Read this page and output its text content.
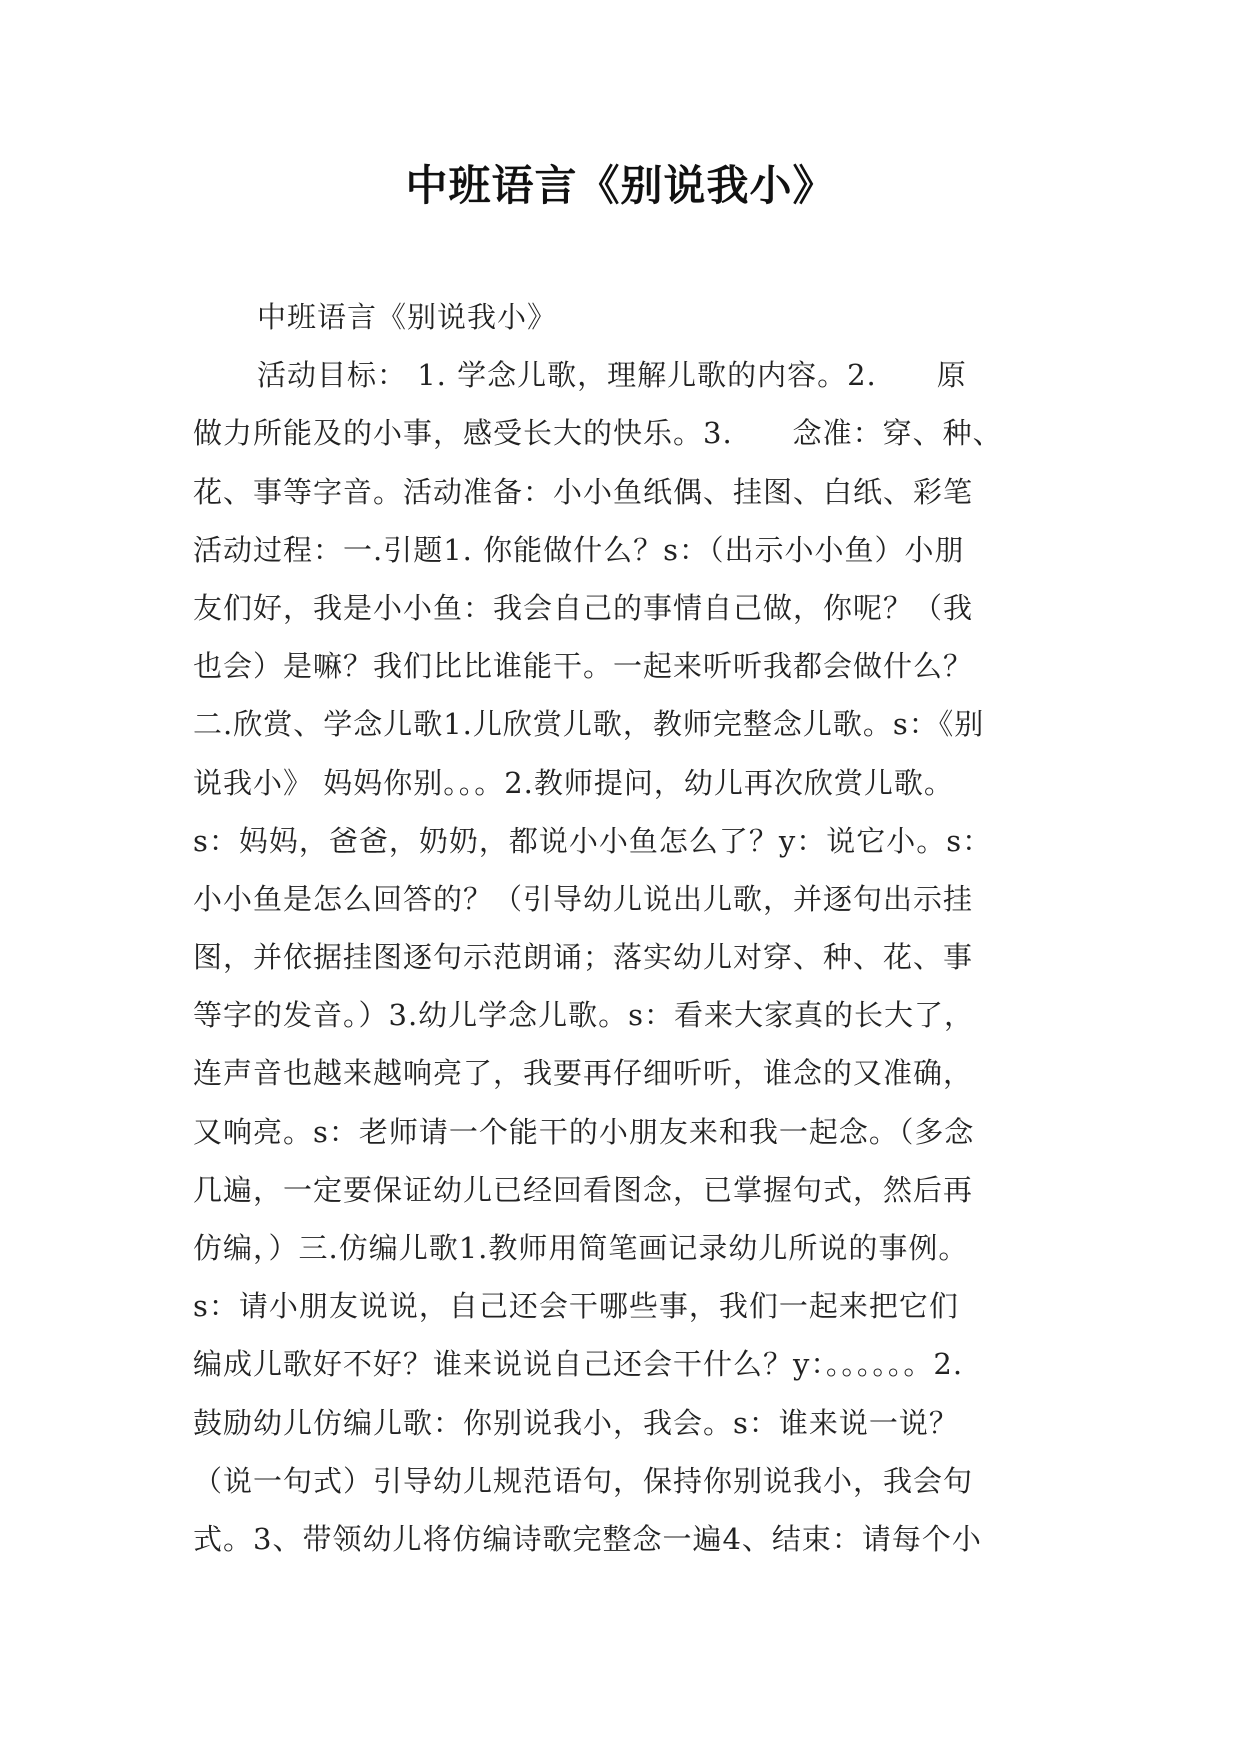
中班语言《别说我小》
中班语言《别说我小》
活动目标： 1. 学念儿歌，理解儿歌的内容。2.　　原
做力所能及的小事，感受长大的快乐。3.　　念准：穿、种、
花、事等字音。活动准备：小小鱼纸偶、挂图、白纸、彩笔
活动过程：一.引题1. 你能做什么？s：（出示小小鱼）小朋
友们好，我是小小鱼：我会自己的事情自己做，你呢？（我
也会）是嘛？我们比比谁能干。一起来听听我都会做什么？
二.欣赏、学念儿歌1.儿欣赏儿歌，教师完整念儿歌。s：《别
说我小》 妈妈你别。。。2.教师提问，幼儿再次欣赏儿歌。
s：妈妈，爸爸，奶奶，都说小小鱼怎么了？y：说它小。s：
小小鱼是怎么回答的？（引导幼儿说出儿歌，并逐句出示挂
图，并依据挂图逐句示范朗诵；落实幼儿对穿、种、花、事
等字的发音。）3.幼儿学念儿歌。s：看来大家真的长大了，
连声音也越来越响亮了，我要再仔细听听，谁念的又准确，
又响亮。s：老师请一个能干的小朋友来和我一起念。（多念
几遍，一定要保证幼儿已经回看图念，已掌握句式，然后再
仿编，）三.仿编儿歌1.教师用简笔画记录幼儿所说的事例。
s：请小朋友说说，自己还会干哪些事，我们一起来把它们
编成儿歌好不好？谁来说说自己还会干什么？y：。。。。。。2.
鼓励幼儿仿编儿歌：你别说我小，我会。s：谁来说一说？
（说一句式）引导幼儿规范语句，保持你别说我小，我会句
式。3、带领幼儿将仿编诗歌完整念一遍4、结束：请每个小
